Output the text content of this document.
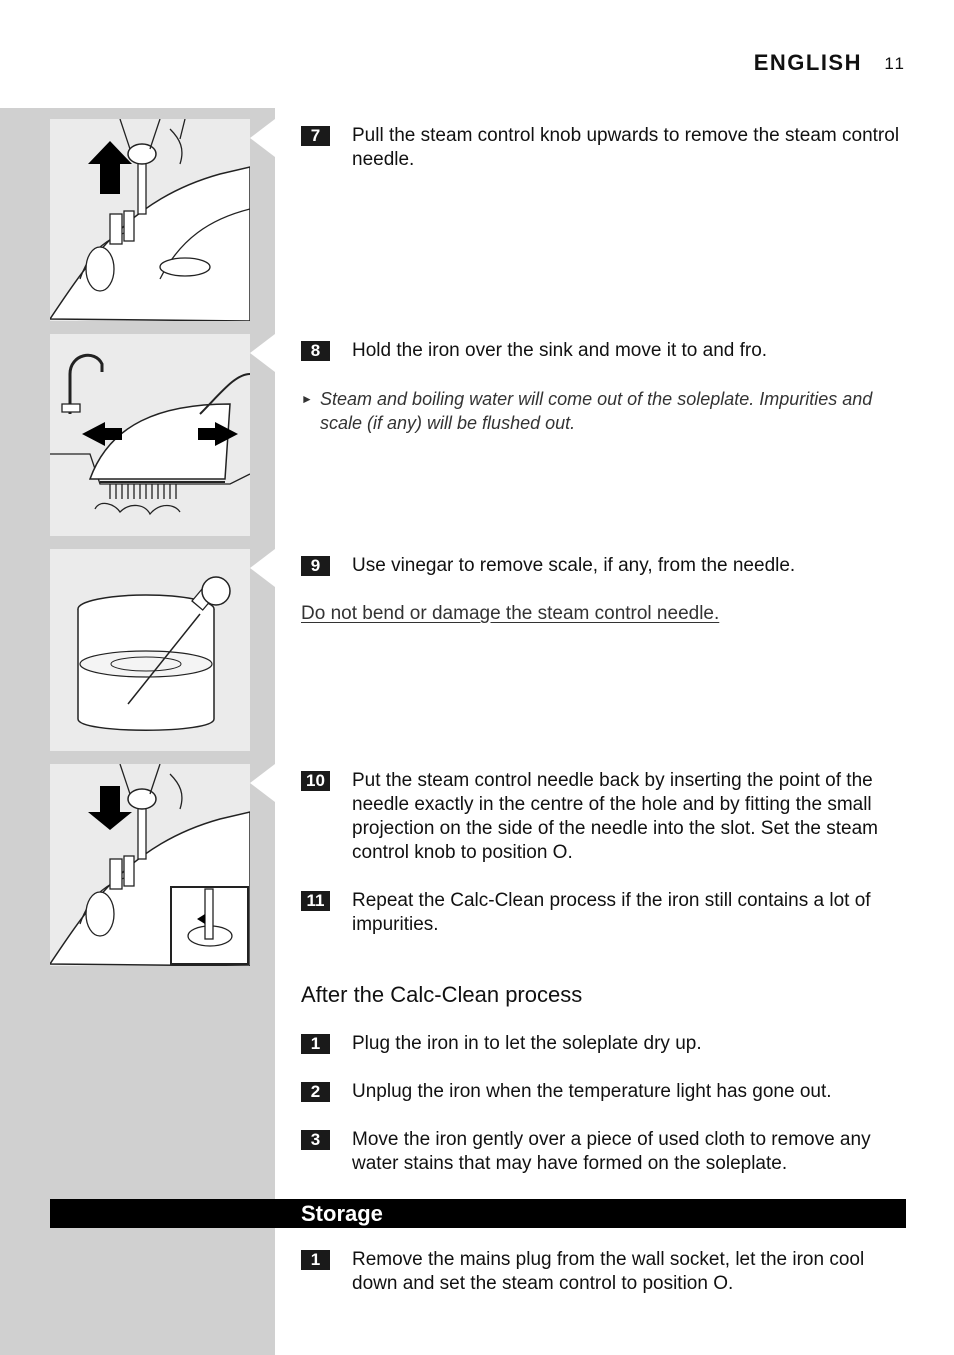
ENGLISH 11
7	Pull the steam control knob upwards to remove the steam control needle.
8	Hold the iron over the sink and move it to and fro.
► Steam and boiling water will come out of the soleplate. Impurities and scale (if any) will be flushed out.
9	Use vinegar to remove scale, if any, from the needle.
Do not bend or damage the steam control needle.
10	Put the steam control needle back by inserting the point of the needle exactly in the centre of the hole and by fitting the small projection on the side of the needle into the slot. Set the steam control knob to position O.
11	Repeat the Calc-Clean process if the iron still contains a lot of impurities.
After the Calc-Clean process
1	Plug the iron in to let the soleplate dry up.
2	Unplug the iron when the temperature light has gone out.
3	Move the iron gently over a piece of used cloth to remove any water stains that may have formed on the soleplate.
Storage
1	Remove the mains plug from the wall socket, let the iron cool down and set the steam control to position O.
